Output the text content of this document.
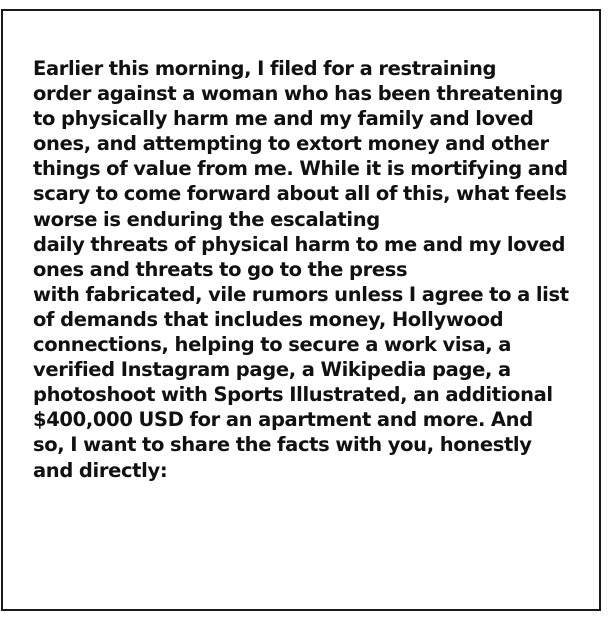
Earlier this morning, I filed for a restraining
order against a woman who has been threatening
to physically harm me and my family and loved
ones, and attempting to extort money and other
things of value from me. While it is mortifying and
scary to come forward about all of this, what feels
worse is enduring the escalating
daily threats of physical harm to me and my loved
ones and threats to go to the press
with fabricated, vile rumors unless I agree to a list
of demands that includes money, Hollywood
connections, helping to secure a work visa, a
verified Instagram page, a Wikipedia page, a
photoshoot with Sports Illustrated, an additional
$400,000 USD for an apartment and more. And
so, I want to share the facts with you, honestly
and directly:
